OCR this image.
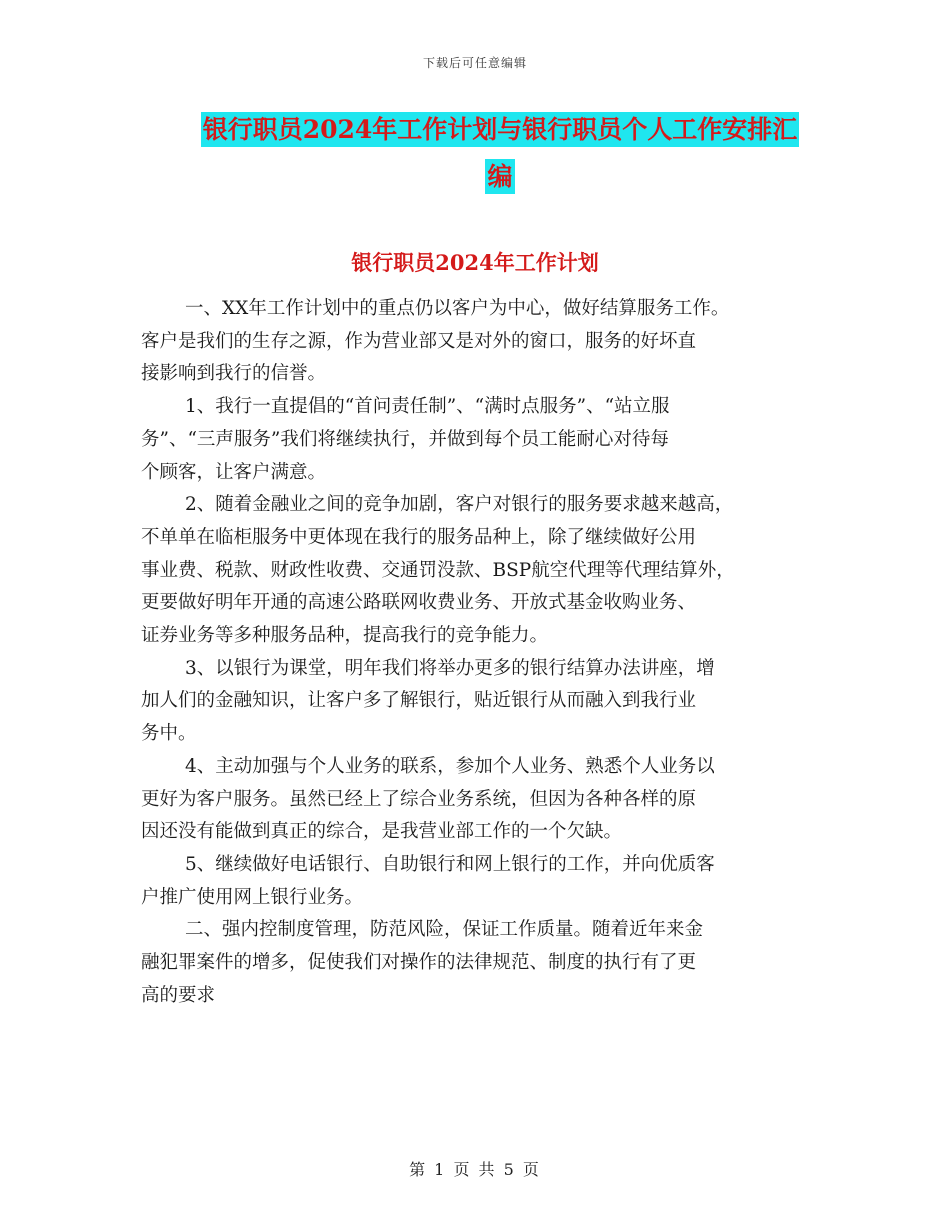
下载后可任意编辑
银行职员2024年工作计划与银行职员个人工作安排汇
编
银行职员2024年工作计划

一、XX年工作计划中的重点仍以客户为中心，做好结算服务工作。
客户是我们的生存之源，作为营业部又是对外的窗口，服务的好坏直
接影响到我行的信誉。

1、我行一直提倡的“首问责任制”、“满时点服务”、“站立服
务”、“三声服务”我们将继续执行，并做到每个员工能耐心对待每
个顾客，让客户满意。

2、随着金融业之间的竞争加剧，客户对银行的服务要求越来越高，
不单单在临柜服务中更体现在我行的服务品种上，除了继续做好公用
事业费、税款、财政性收费、交通罚没款、BSP航空代理等代理结算外，
更要做好明年开通的高速公路联网收费业务、开放式基金收购业务、
证券业务等多种服务品种，提高我行的竞争能力。

3、以银行为课堂，明年我们将举办更多的银行结算办法讲座，增
加人们的金融知识，让客户多了解银行，贴近银行从而融入到我行业
务中。

4、主动加强与个人业务的联系，参加个人业务、熟悉个人业务以
更好为客户服务。虽然已经上了综合业务系统，但因为各种各样的原
因还没有能做到真正的综合，是我营业部工作的一个欠缺。

5、继续做好电话银行、自助银行和网上银行的工作，并向优质客
户推广使用网上银行业务。

二、强内控制度管理，防范风险，保证工作质量。随着近年来金
融犯罪案件的增多，促使我们对操作的法律规范、制度的执行有了更
高的要求

第 1 页 共 5 页
